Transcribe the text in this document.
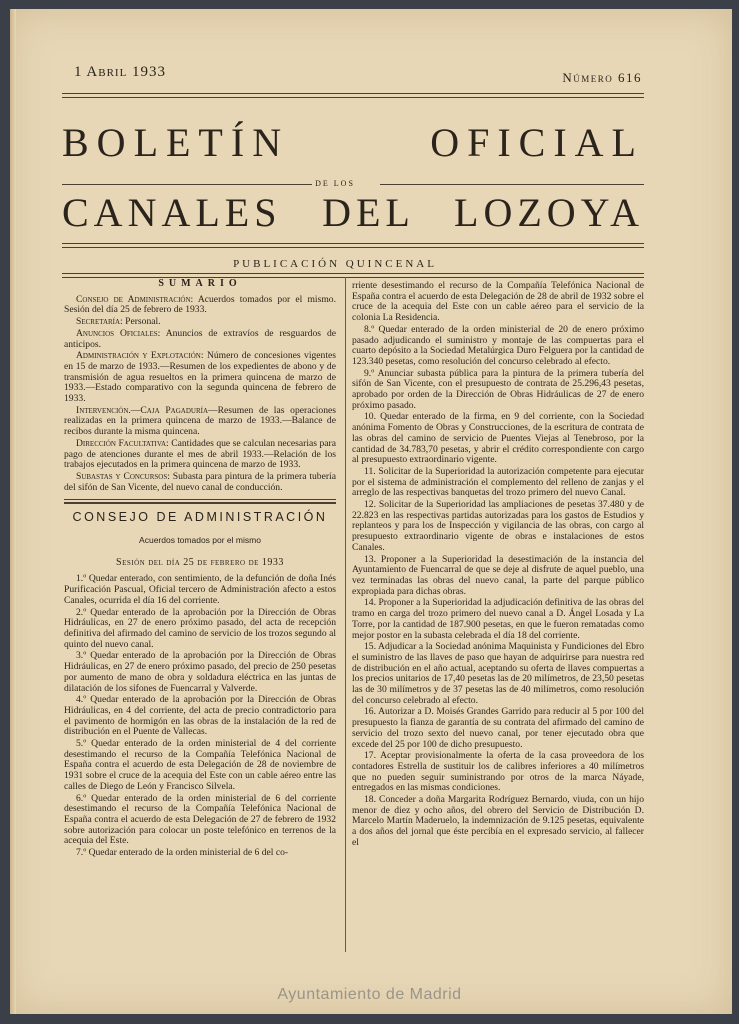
1 Abril 1933	Número 616
BOLETÍN OFICIAL
DE LOS
CANALES DEL LOZOYA
PUBLICACIÓN QUINCENAL
SUMARIO

Consejo de Administración: Acuerdos tomados por el mismo. Sesión del día 25 de febrero de 1933.

Secretaría: Personal.

Anuncios Oficiales: Anuncios de extravíos de resguardos de anticipos.

Administración y Explotación: Número de concesiones vigentes en 15 de marzo de 1933.—Resumen de los expedientes de abono y de transmisión de agua resueltos en la primera quincena de marzo de 1933.—Estado comparativo con la segunda quincena de febrero de 1933.

Intervención.—Caja Pagaduría—Resumen de las operaciones realizadas en la primera quincena de marzo de 1933.—Balance de recibos durante la misma quincena.

Dirección Facultativa: Cantidades que se calculan necesarias para pago de atenciones durante el mes de abril 1933.—Relación de los trabajos ejecutados en la primera quincena de marzo de 1933.

Subastas y Concursos: Subasta para pintura de la primera tubería del sifón de San Vicente, del nuevo canal de conducción.

CONSEJO DE ADMINISTRACIÓN
Acuerdos tomados por el mismo
Sesión del día 25 de febrero de 1933

1.º Quedar enterado, con sentimiento, de la defunción de doña Inés Purificación Pascual, Oficial tercero de Administración afecto a estos Canales, ocurrida el día 16 del corriente.

2.º Quedar enterado de la aprobación por la Dirección de Obras Hidráulicas, en 27 de enero próximo pasado, del acta de recepción definitiva del afirmado del camino de servicio de los trozos segundo al quinto del nuevo canal.

3.º Quedar enterado de la aprobación por la Dirección de Obras Hidráulicas, en 27 de enero próximo pasado, del precio de 250 pesetas por aumento de mano de obra y soldadura eléctrica en las juntas de dilatación de los sifones de Fuencarral y Valverde.

4.º Quedar enterado de la aprobación por la Dirección de Obras Hidráulicas, en 4 del corriente, del acta de precio contradictorio para el pavimento de hormigón en las obras de la instalación de la red de distribución en el Puente de Vallecas.

5.º Quedar enterado de la orden ministerial de 4 del corriente desestimando el recurso de la Compañía Telefónica Nacional de España contra el acuerdo de esta Delegación de 28 de noviembre de 1931 sobre el cruce de la acequia del Este con un cable aéreo entre las calles de Diego de León y Francisco Silvela.

6.º Quedar enterado de la orden ministerial de 6 del corriente desestimando el recurso de la Compañía Telefónica Nacional de España contra el acuerdo de esta Delegación de 27 de febrero de 1932 sobre autorización para colocar un poste telefónico en terrenos de la acequia del Este.

7.º Quedar enterado de la orden ministerial de 6 del co-

rriente desestimando el recurso de la Compañía Telefónica Nacional de España contra el acuerdo de esta Delegación de 28 de abril de 1932 sobre el cruce de la acequia del Este con un cable aéreo para el servicio de la colonia La Residencia.

8.º Quedar enterado de la orden ministerial de 20 de enero próximo pasado adjudicando el suministro y montaje de las compuertas para el cuarto depósito a la Sociedad Metalúrgica Duro Felguera por la cantidad de 123.340 pesetas, como resolución del concurso celebrado al efecto.

9.º Anunciar subasta pública para la pintura de la primera tubería del sifón de San Vicente, con el presupuesto de contrata de 25.296,43 pesetas, aprobado por orden de la Dirección de Obras Hidráulicas de 27 de enero próximo pasado.

10. Quedar enterado de la firma, en 9 del corriente, con la Sociedad anónima Fomento de Obras y Construcciones, de la escritura de contrata de las obras del camino de servicio de Puentes Viejas al Tenebroso, por la cantidad de 34.783,70 pesetas, y abrir el crédito correspondiente con cargo al presupuesto extraordinario vigente.

11. Solicitar de la Superioridad la autorización competente para ejecutar por el sistema de administración el complemento del relleno de zanjas y el arreglo de las respectivas banquetas del trozo primero del nuevo Canal.

12. Solicitar de la Superioridad las ampliaciones de pesetas 37.480 y de 22.823 en las respectivas partidas autorizadas para los gastos de Estudios y replanteos y para los de Inspección y vigilancia de las obras, con cargo al presupuesto extraordinario vigente de obras e instalaciones de estos Canales.

13. Proponer a la Superioridad la desestimación de la instancia del Ayuntamiento de Fuencarral de que se deje al disfrute de aquel pueblo, una vez terminadas las obras del nuevo canal, la parte del parque público expropiada para dichas obras.

14. Proponer a la Superioridad la adjudicación definitiva de las obras del tramo en carga del trozo primero del nuevo canal a D. Ángel Losada y La Torre, por la cantidad de 187.900 pesetas, en que le fueron rematadas como mejor postor en la subasta celebrada el día 18 del corriente.

15. Adjudicar a la Sociedad anónima Maquinista y Fundiciones del Ebro el suministro de las llaves de paso que hayan de adquirirse para nuestra red de distribución en el año actual, aceptando su oferta de llaves compuertas a los precios unitarios de 17,40 pesetas las de 20 milímetros, de 23,50 pesetas las de 30 milímetros y de 37 pesetas las de 40 milímetros, como resolución del concurso celebrado al efecto.

16. Autorizar a D. Moisés Grandes Garrido para reducir al 5 por 100 del presupuesto la fianza de garantía de su contrata del afirmado del camino de servicio del trozo sexto del nuevo canal, por tener ejecutado obra que excede del 25 por 100 de dicho presupuesto.

17. Aceptar provisionalmente la oferta de la casa proveedora de los contadores Estrella de sustituir los de calibres inferiores a 40 milímetros que no pueden seguir suministrando por otros de la marca Náyade, entregados en las mismas condiciones.

18. Conceder a doña Margarita Rodríguez Bernardo, viuda, con un hijo menor de diez y ocho años, del obrero del Servicio de Distribución D. Marcelo Martín Maderuelo, la indemnización de 9.125 pesetas, equivalente a dos años del jornal que éste percibía en el expresado servicio, al fallecer el

Ayuntamiento de Madrid
